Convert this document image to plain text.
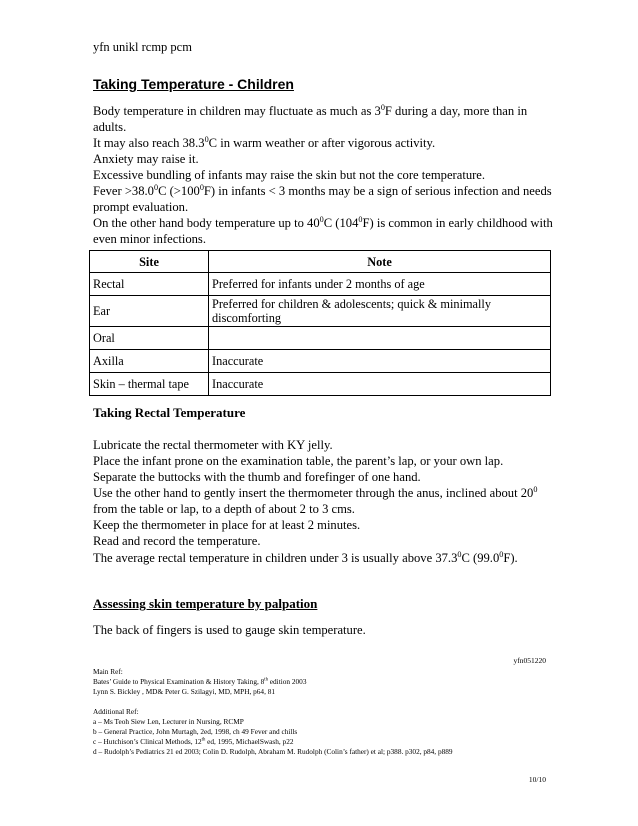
yfn unikl rcmp pcm
Taking Temperature - Children

Body temperature in children may fluctuate as much as $3^0F$ during a day, more than in adults.

It may also reach 38.3$^0$C in warm weather or after vigorous activity.

Anxiety may raise it.

Excessive bundling of infants may raise the skin but not the core temperature.

Fever $>38.0^0C$ $(>100^0F)$ in infants < 3 months may be a sign of serious infection and needs prompt evaluation.

On the other hand body temperature up to $40^0C$ $(104^0F)$ is common in early childhood with even minor infections.

Site	Note
Rectal	Preferred for infants under 2 months of age
Ear	Preferred for children & adolescents; quick & minimally discomforting
Oral	
Axilla	Inaccurate
Skin – thermal tape	Inaccurate
Taking Rectal Temperature

Lubricate the rectal thermometer with KY jelly.

Place the infant prone on the examination table, the parent’s lap, or your own lap.

Separate the buttocks with the thumb and forefinger of one hand.

Use the other hand to gently insert the thermometer through the anus, inclined about $20^0$ from the table or lap, to a depth of about 2 to 3 cms.

Keep the thermometer in place for at least 2 minutes.

Read and record the temperature.

The average rectal temperature in children under 3 is usually above 37.3$^0$C (99.0$^0$F).
Assessing skin temperature by palpation
The back of fingers is used to gauge skin temperature.
yfn051220

Main Ref:

Bates’ Guide to Physical Examination & History Taking, 8th edition 2003

Lynn S. Bickley , MD& Peter G. Szilagyi, MD, MPH, p64, 81

Additional Ref:

a – Ms Teoh Siew Len, Lecturer in Nursing, RCMP

b – General Practice, John Murtagh, 2ed, 1998, ch 49 Fever and chills

c – Hutchison’s Clinical Methods, 12th ed, 1995, MichaelSwash, p22

d – Rudolph’s Pediatrics 21 ed 2003; Colin D. Rudolph, Abraham M. Rudolph (Colin’s father) et al; p388. p302, p84, p889

10/10
